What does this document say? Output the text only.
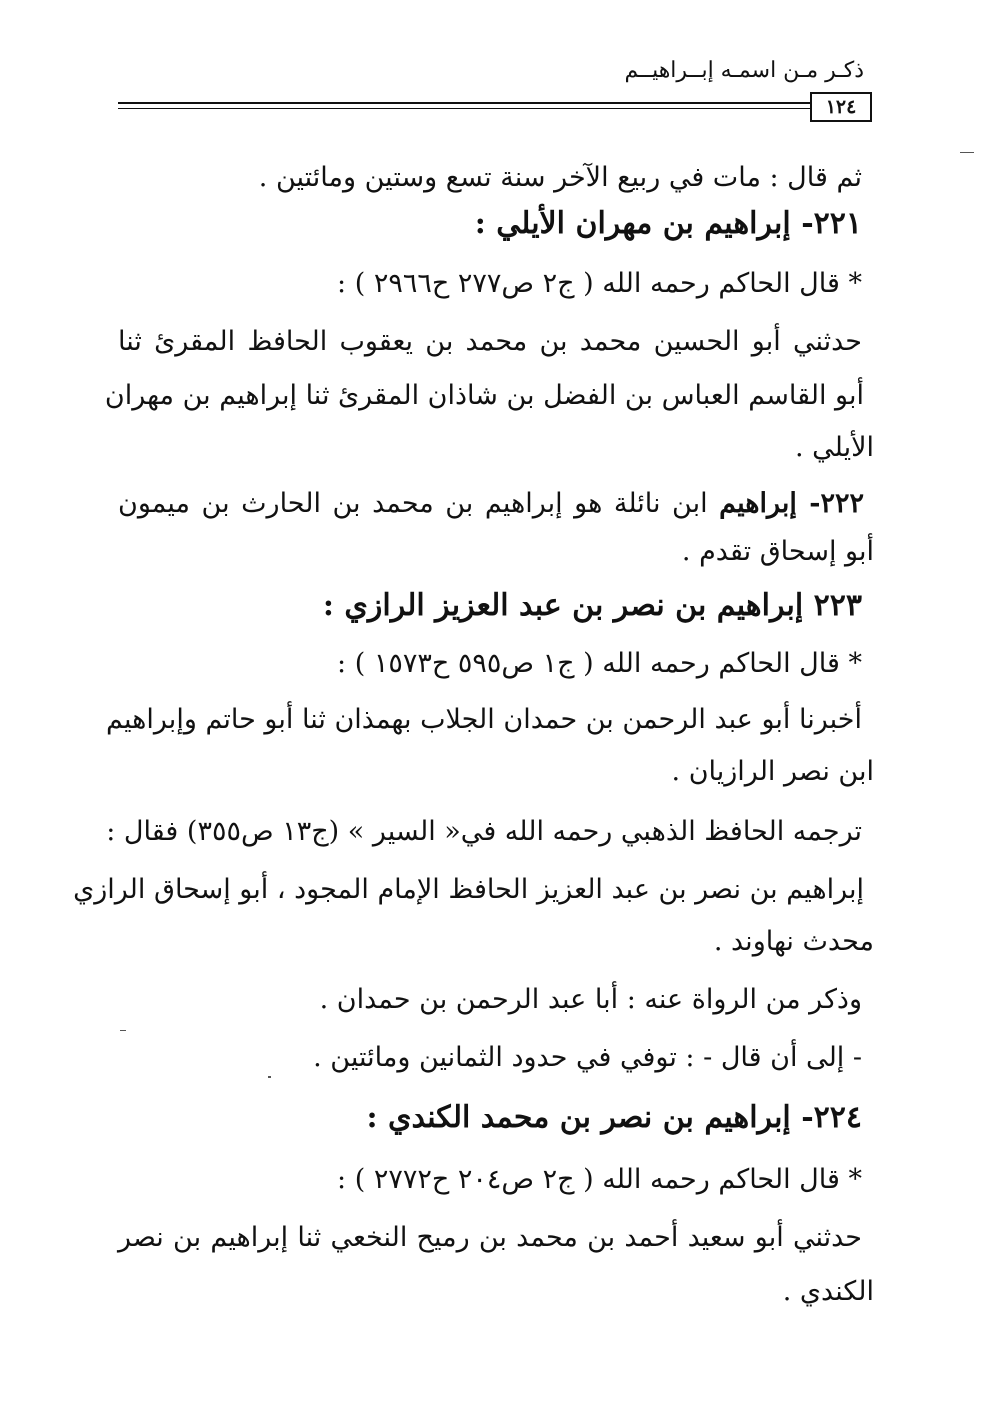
ذكـر مـن اسمـه إبــراهيــم
١٢٤
ثم قال : مات في ربيع الآخر سنة تسع وستين ومائتين .
٢٢١- إبراهيم بن مهران الأيلي :
* قال الحاكم رحمه الله ( ج٢ ص٢٧٧ ح٢٩٦٦ ) :
حدثني أبو الحسين محمد بن محمد بن يعقوب الحافظ المقرئ ثنا
أبو القاسم العباس بن الفضل بن شاذان المقرئ ثنا إبراهيم بن مهران
الأيلي .
٢٢٢- إبراهيم ابن نائلة هو إبراهيم بن محمد بن الحارث بن ميمون
أبو إسحاق تقدم .
٢٢٣ إبراهيم بن نصر بن عبد العزيز الرازي :
* قال الحاكم رحمه الله ( ج١ ص٥٩٥ ح١٥٧٣ ) :
أخبرنا أبو عبد الرحمن بن حمدان الجلاب بهمذان ثنا أبو حاتم وإبراهيم
ابن نصر الرازيان .
ترجمه الحافظ الذهبي رحمه الله في« السير » (ج١٣ ص٣٥٥) فقال :
إبراهيم بن نصر بن عبد العزيز الحافظ الإمام المجود ، أبو إسحاق الرازي
محدث نهاوند .
وذكر من الرواة عنه : أبا عبد الرحمن بن حمدان .
- إلى أن قال - : توفي في حدود الثمانين ومائتين .
٢٢٤- إبراهيم بن نصر بن محمد الكندي :
* قال الحاكم رحمه الله ( ج٢ ص٢٠٤ ح٢٧٧٢ ) :
حدثني أبو سعيد أحمد بن محمد بن رميح النخعي ثنا إبراهيم بن نصر
الكندي .
